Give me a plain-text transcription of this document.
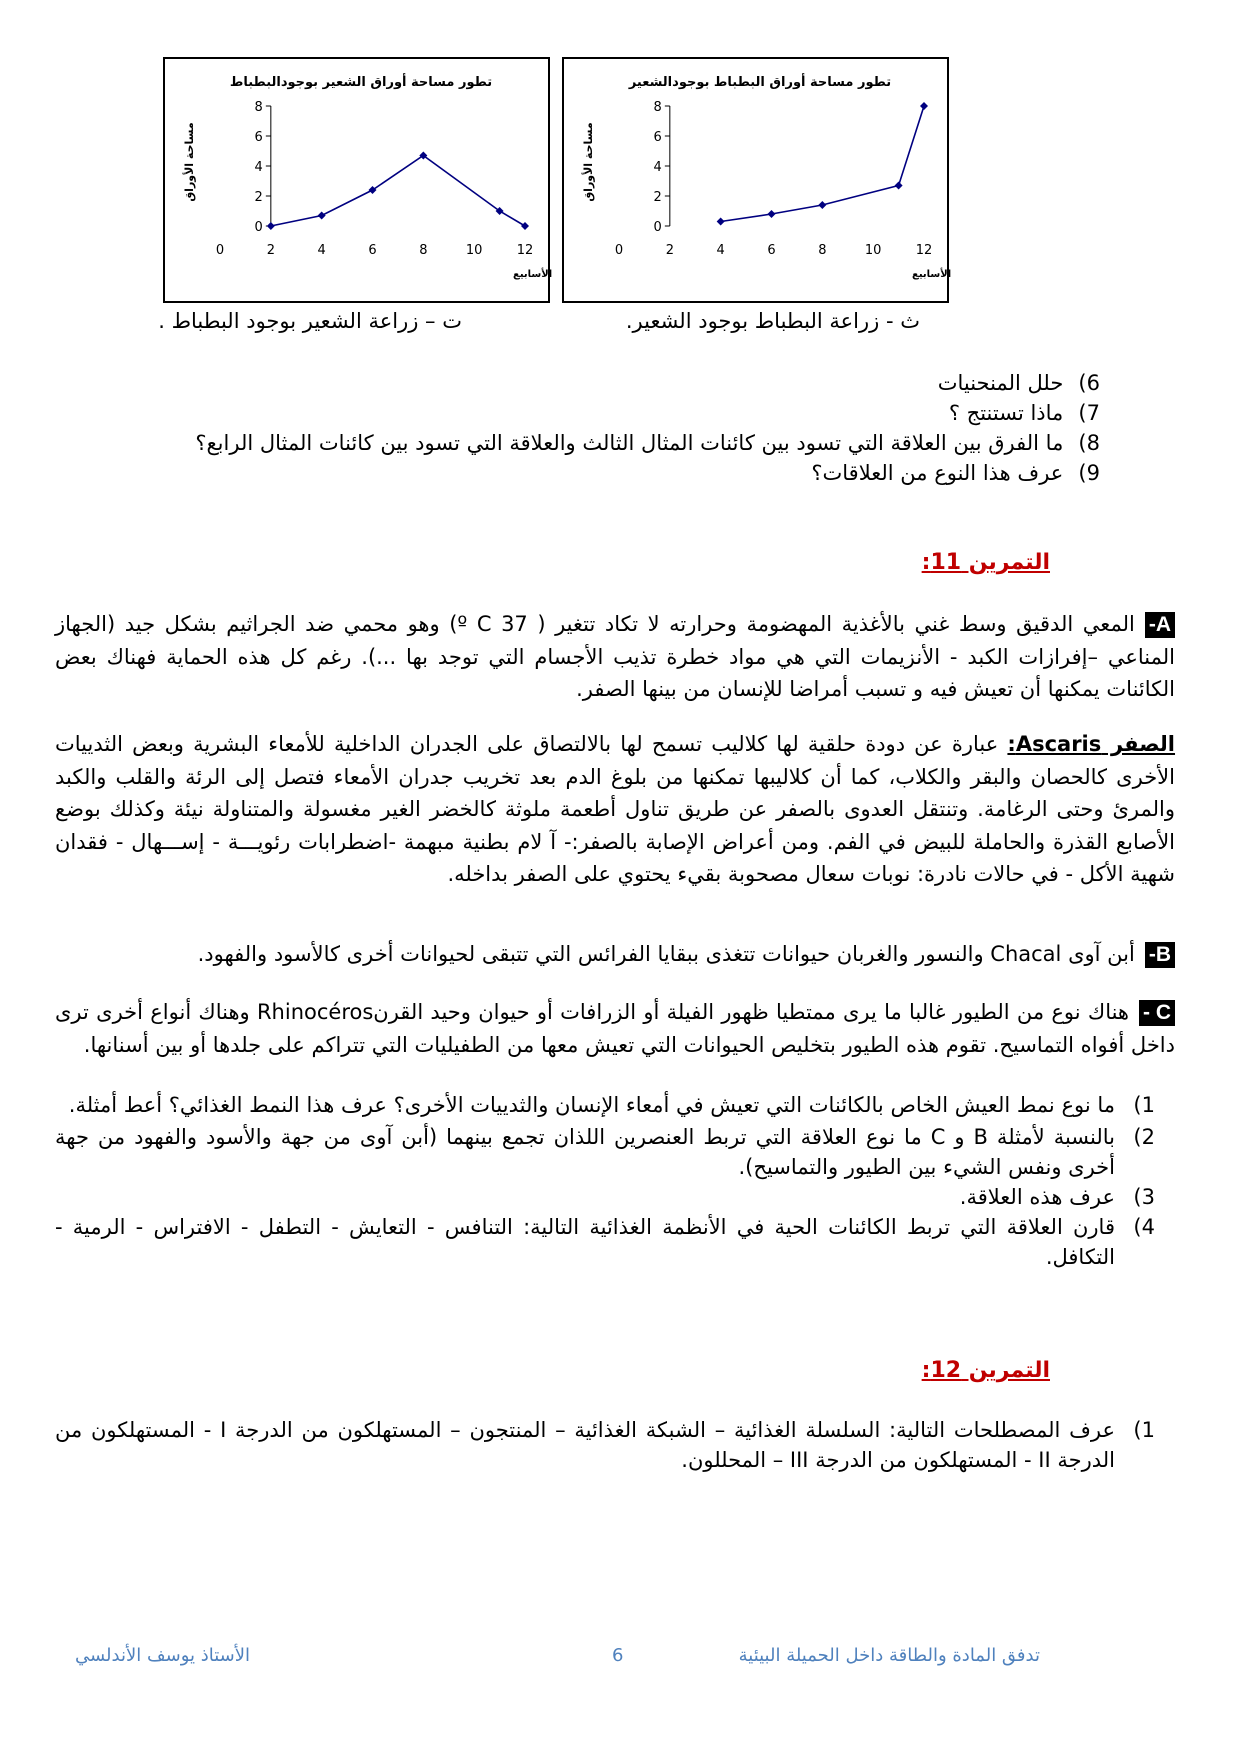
تطور مساحة أوراق الشعير بوجودالبطباط
مساحة الأوراق
الأسابيع
0
2
4
6
8
0	2	4	6	8	10	12
تطور مساحة أوراق البطباط بوجودالشعير
مساحة الأوراق
الأسابيع
0
2
4
6
8
0	2	4	6	8	10	12
ت – زراعة الشعير بوجود البطباط .	ث - زراعة البطباط بوجود الشعير.
6) حلل المنحنيات
7) ماذا تستنتج ؟
8) ما الفرق بين العلاقة التي تسود بين كائنات المثال الثالث والعلاقة التي تسود بين كائنات المثال الرابع؟
9) عرف هذا النوع من العلاقات؟
التمرين 11:
A-المعي الدقيق وسط غني بالأغذية المهضومة وحرارته لا تكاد تتغير ( 37 º C) وهو محمي ضد الجراثيم بشكل جيد (الجهاز المناعي –إفرازات الكبد - الأنزيمات التي هي مواد خطرة تذيب الأجسام التي توجد بها ...). رغم كل هذه الحماية فهناك بعض الكائنات يمكنها أن تعيش فيه و تسبب أمراضا للإنسان من بينها الصفر.
الصفر Ascaris: عبارة عن دودة حلقية لها كلاليب تسمح لها بالالتصاق على الجدران الداخلية للأمعاء البشرية وبعض الثدييات الأخرى كالحصان والبقر والكلاب، كما أن كلاليبها تمكنها من بلوغ الدم بعد تخريب جدران الأمعاء فتصل إلى الرئة والقلب والكبد والمرئ وحتى الرغامة. وتنتقل العدوى بالصفر عن طريق تناول أطعمة ملوثة كالخضر الغير مغسولة والمتناولة نيئة وكذلك بوضع الأصابع القذرة والحاملة للبيض في الفم. ومن أعراض الإصابة بالصفر:- آ لام بطنية مبهمة -اضطرابات رئويـــة - إســـهال - فقدان شهية الأكل - في حالات نادرة: نوبات سعال مصحوبة بقيء يحتوي على الصفر بداخله.
B-أبن آوى Chacal والنسور والغربان حيوانات تتغذى ببقايا الفرائس التي تتبقى لحيوانات أخرى كالأسود والفهود.
C -هناك نوع من الطيور غالبا ما يرى ممتطيا ظهور الفيلة أو الزرافات أو حيوان وحيد القرنRhinocéros وهناك أنواع أخرى ترى داخل أفواه التماسيح. تقوم هذه الطيور بتخليص الحيوانات التي تعيش معها من الطفيليات التي تتراكم على جلدها أو بين أسنانها.
1)
ما نوع نمط العيش الخاص بالكائنات التي تعيش في أمعاء الإنسان والثدييات الأخرى؟ عرف هذا النمط الغذائي؟ أعط أمثلة.
2)
بالنسبة لأمثلة B و C ما نوع العلاقة التي تربط العنصرين اللذان تجمع بينهما (أبن آوى من جهة والأسود والفهود من جهة أخرى ونفس الشيء بين الطيور والتماسيح).
3)
عرف هذه العلاقة.
4)
قارن العلاقة التي تربط الكائنات الحية في الأنظمة الغذائية التالية: التنافس - التعايش - التطفل - الافتراس - الرمية - التكافل.
التمرين 12:
1)
عرف المصطلحات التالية: السلسلة الغذائية – الشبكة الغذائية – المنتجون – المستهلكون من الدرجة I - المستهلكون من الدرجة II - المستهلكون من الدرجة III – المحللون.
الأستاذ يوسف الأندلسي	6	تدفق المادة والطاقة داخل الحميلة البيئية
